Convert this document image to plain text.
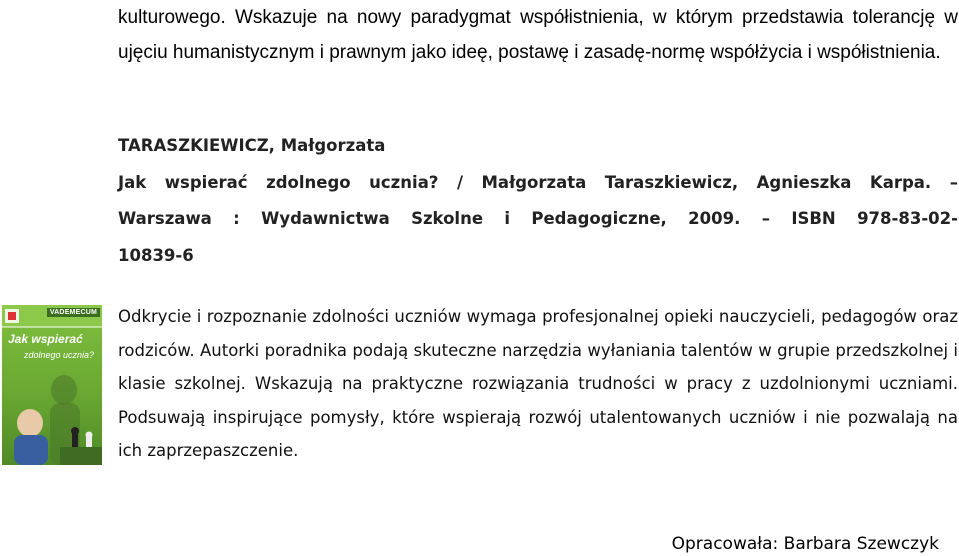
kulturowego. Wskazuje na nowy paradygmat współistnienia, w którym przedstawia tolerancję w ujęciu humanistycznym i prawnym jako ideę, postawę i zasadę-normę współżycia i współistnienia.
TARASZKIEWICZ, Małgorzata
Jak wspierać zdolnego ucznia? / Małgorzata Taraszkiewicz, Agnieszka Karpa. –
Warszawa : Wydawnictwa Szkolne i Pedagogiczne, 2009. – ISBN 978-83-02-
10839-6
VADEMECUM
Jak wspierać
zdolnego ucznia?
Odkrycie i rozpoznanie zdolności uczniów wymaga profesjonalnej opieki nauczycieli, pedagogów oraz rodziców. Autorki poradnika podają skuteczne narzędzia wyłaniania talentów w grupie przedszkolnej i klasie szkolnej. Wskazują na praktyczne rozwiązania trudności w pracy z uzdolnionymi uczniami. Podsuwają inspirujące pomysły, które wspierają rozwój utalentowanych uczniów i nie pozwalają na ich zaprzepaszczenie.
Opracowała: Barbara Szewczyk
